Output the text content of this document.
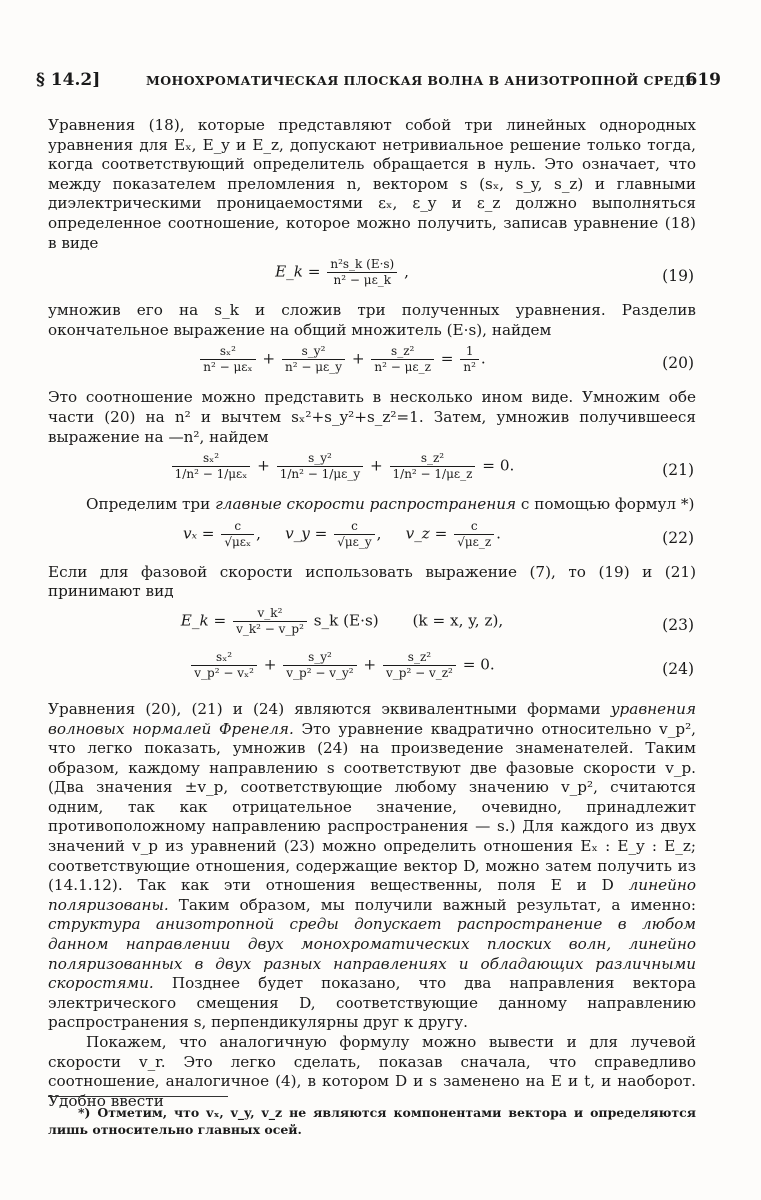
§ 14.2]	МОНОХРОМАТИЧЕСКАЯ ПЛОСКАЯ ВОЛНА В АНИЗОТРОПНОЙ СРЕДЕ
619

Уравнения (18), которые представляют собой три линейных однородных уравнения для Eₓ, E_y и E_z, допускают нетривиальное решение только тогда, когда соответствующий определитель обращается в нуль. Это означает, что между показателем преломления n, вектором s (sₓ, s_y, s_z) и главными диэлектрическими проницаемостями εₓ, ε_y и ε_z должно выполняться определенное соотношение, которое можно получить, записав уравнение (18) в виде

E_k = $\frac{\text{n²s\_k (E·s)}}{\text{n² − με\_k}}$ ,	(19)

умножив его на s_k и сложив три полученных уравнения. Разделив окончательное выражение на общий множитель (E·s), найдем

$\frac{\text{sₓ²}}{\text{n² − μεₓ}} + \frac{\text{s\_y²}}{\text{n² − με\_y}} + \frac{\text{s\_z²}}{\text{n² − με\_z}} = \frac{1}{\text{n²}}$ .	(20)

Это соотношение можно представить в несколько ином виде. Умножим обе части (20) на n² и вычтем sₓ²+s_y²+s_z²=1. Затем, умножив получившееся выражение на —n², найдем

$\frac{\text{sₓ²}}{\text{1/n² − 1/μεₓ}} + \frac{\text{s\_y²}}{\text{1/n² − 1/με\_y}} + \frac{\text{s\_z²}}{\text{1/n² − 1/με\_z}} = 0$.	(21)

Определим три главные скорости распространения с помощью формул *)

$v_x = \frac{c}{\text{√μεₓ}}$ ,     v_y = $\frac{c}{√\mu\varepsilon\_y}$ ,     v_z = $\frac{c}{√\mu\varepsilon\_z}$ .	(22)

Если для фазовой скорости использовать выражение (7), то (19) и (21) принимают вид

E_k = $\frac{\text{v\_k²}}{\text{v\_k² − v\_p²}}$ s_k (E·s) (k = x, y, z),	(23)
$\frac{\text{sₓ²}}{\text{v\_p² − vₓ²}} + \frac{\text{s\_y²}}{\text{v\_p² − v\_y²}} + \frac{\text{s\_z²}}{\text{v\_p² − v\_z²}} = 0$.	(24)

Уравнения (20), (21) и (24) являются эквивалентными формами уравнения волновых нормалей Френеля. Это уравнение квадратично относительно v_p², что легко показать, умножив (24) на произведение знаменателей. Таким образом, каждому направлению s соответствуют две фазовые скорости v_p. (Два значения ±v_p, соответствующие любому значению v_p², считаются одним, так как отрицательное значение, очевидно, принадлежит противоположному направлению распространения — s.) Для каждого из двух значений v_p из уравнений (23) можно определить отношения Eₓ : E_y : E_z; соответствующие отношения, содержащие вектор D, можно затем получить из (14.1.12). Так как эти отношения вещественны, поля E и D линейно поляризованы. Таким образом, мы получили важный результат, а именно: структура анизотропной среды допускает распространение в любом данном направлении двух монохроматических плоских волн, линейно поляризованных в двух разных направлениях и обладающих различными скоростями. Позднее будет показано, что два направления вектора электрического смещения D, соответствующие данному направлению распространения s, перпендикулярны друг к другу.

Покажем, что аналогичную формулу можно вывести и для лучевой скорости v_r. Это легко сделать, показав сначала, что справедливо соотношение, аналогичное (4), в котором D и s заменено на E и t, и наоборот. Удобно ввести

*) Отметим, что vₓ, v_y, v_z не являются компонентами вектора и определяются лишь относительно главных осей.
